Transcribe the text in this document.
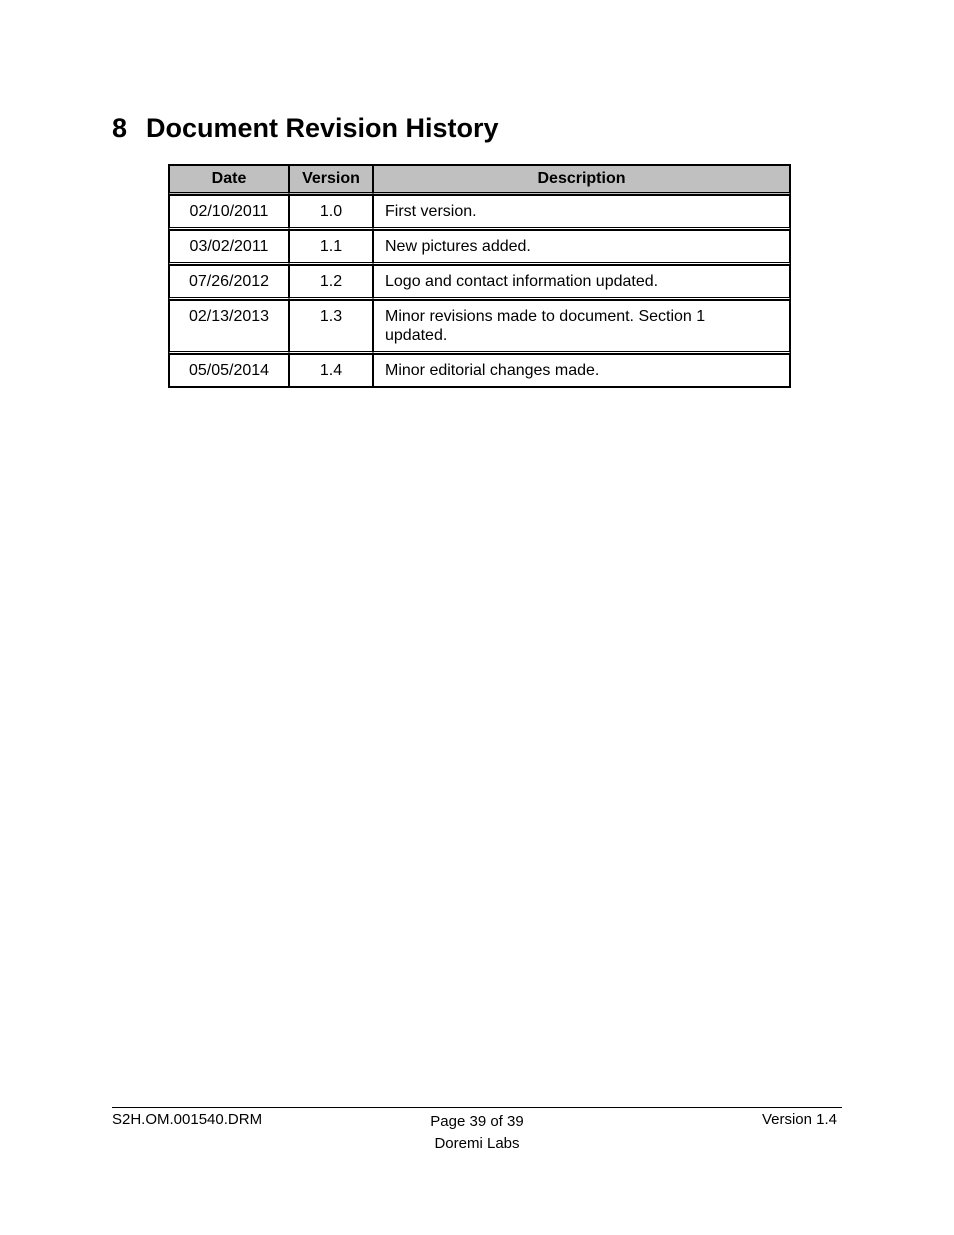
8 Document Revision History
Date	Version	Description
02/10/2011	1.0	First version.
03/02/2011	1.1	New pictures added.
07/26/2012	1.2	Logo and contact information updated.
02/13/2013	1.3	Minor revisions made to document. Section 1 updated.
05/05/2014	1.4	Minor editorial changes made.
S2H.OM.001540.DRM	Page 39 of 39
Doremi Labs
Version 1.4
